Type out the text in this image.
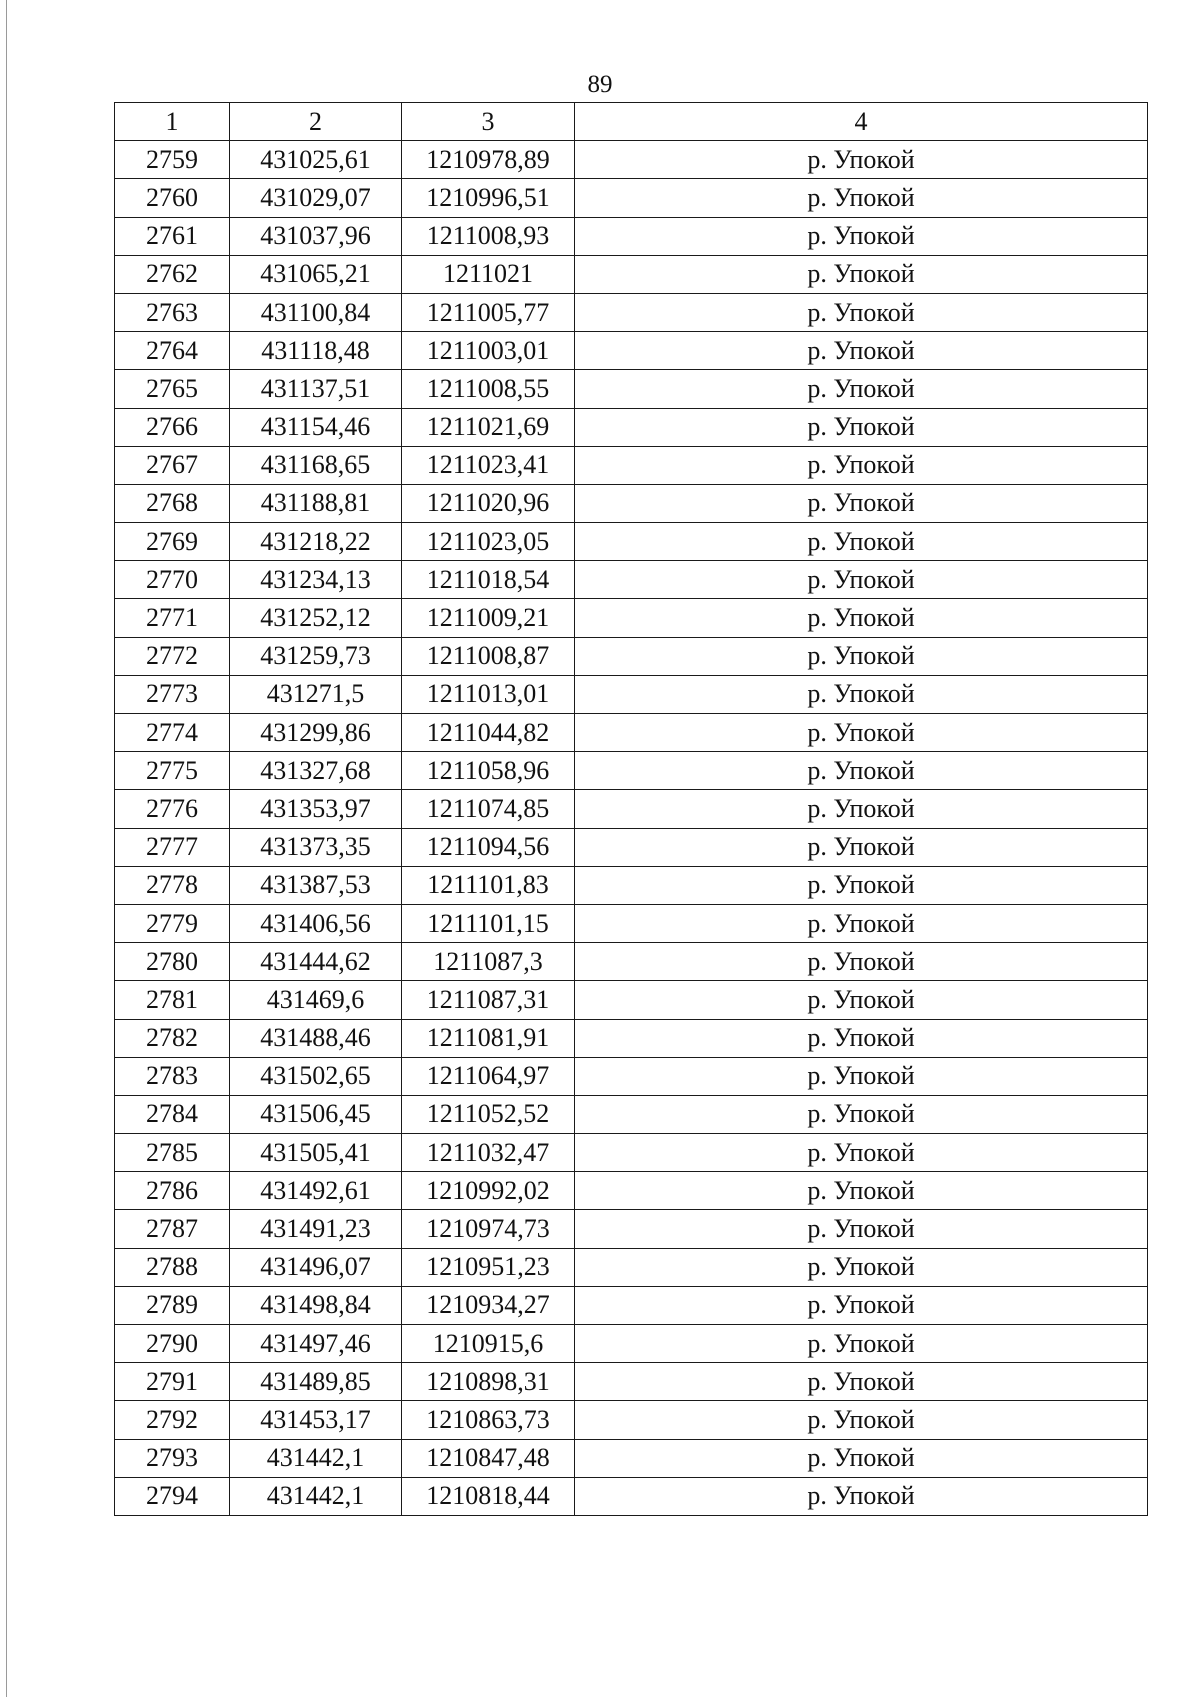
89
1	2	3	4
2759	431025,61	1210978,89	р. Упокой
2760	431029,07	1210996,51	р. Упокой
2761	431037,96	1211008,93	р. Упокой
2762	431065,21	1211021	р. Упокой
2763	431100,84	1211005,77	р. Упокой
2764	431118,48	1211003,01	р. Упокой
2765	431137,51	1211008,55	р. Упокой
2766	431154,46	1211021,69	р. Упокой
2767	431168,65	1211023,41	р. Упокой
2768	431188,81	1211020,96	р. Упокой
2769	431218,22	1211023,05	р. Упокой
2770	431234,13	1211018,54	р. Упокой
2771	431252,12	1211009,21	р. Упокой
2772	431259,73	1211008,87	р. Упокой
2773	431271,5	1211013,01	р. Упокой
2774	431299,86	1211044,82	р. Упокой
2775	431327,68	1211058,96	р. Упокой
2776	431353,97	1211074,85	р. Упокой
2777	431373,35	1211094,56	р. Упокой
2778	431387,53	1211101,83	р. Упокой
2779	431406,56	1211101,15	р. Упокой
2780	431444,62	1211087,3	р. Упокой
2781	431469,6	1211087,31	р. Упокой
2782	431488,46	1211081,91	р. Упокой
2783	431502,65	1211064,97	р. Упокой
2784	431506,45	1211052,52	р. Упокой
2785	431505,41	1211032,47	р. Упокой
2786	431492,61	1210992,02	р. Упокой
2787	431491,23	1210974,73	р. Упокой
2788	431496,07	1210951,23	р. Упокой
2789	431498,84	1210934,27	р. Упокой
2790	431497,46	1210915,6	р. Упокой
2791	431489,85	1210898,31	р. Упокой
2792	431453,17	1210863,73	р. Упокой
2793	431442,1	1210847,48	р. Упокой
2794	431442,1	1210818,44	р. Упокой
